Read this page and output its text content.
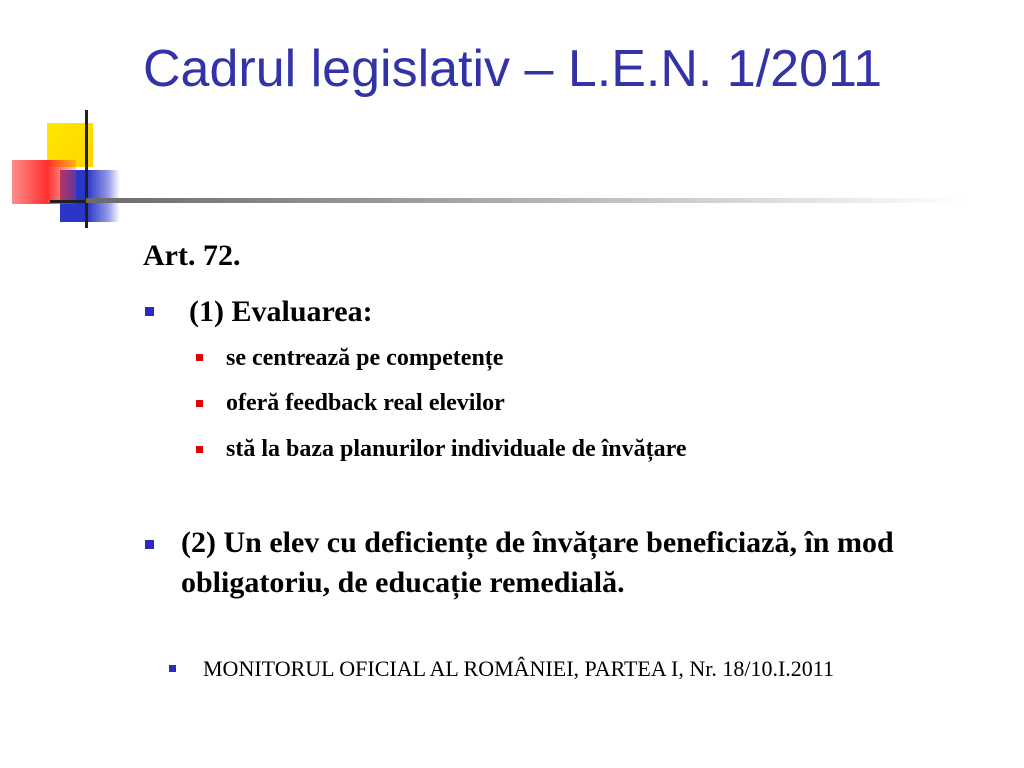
Cadrul legislativ – L.E.N. 1/2011

Art. 72.

(1) Evaluarea:

se centrează pe competențe

oferă feedback real elevilor

stă la baza planurilor individuale de învățare

(2) Un elev cu deficiențe de învățare beneficiază, în mod obligatoriu, de educație remedială.

MONITORUL OFICIAL AL ROMÂNIEI, PARTEA I, Nr. 18/10.I.2011
